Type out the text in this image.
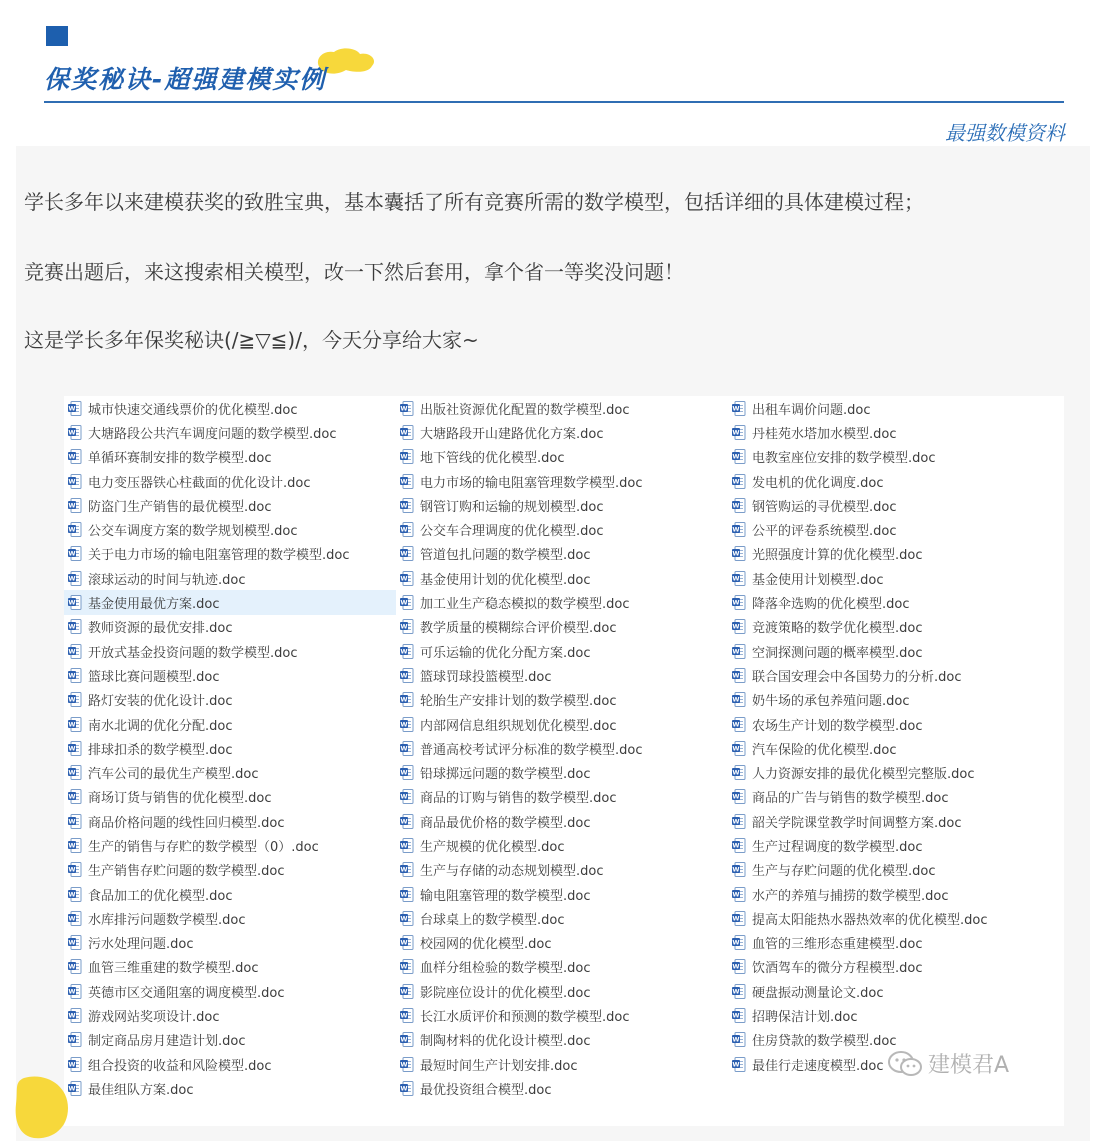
保奖秘诀-超强建模实例
最强数模资料
学长多年以来建模获奖的致胜宝典，基本囊括了所有竞赛所需的数学模型，包括详细的具体建模过程；
竞赛出题后，来这搜索相关模型，改一下然后套用，拿个省一等奖没问题！
这是学长多年保奖秘诀(/≧▽≦)/，今天分享给大家~
W 城市快速交通线票价的优化模型.doc
W 大塘路段公共汽车调度问题的数学模型.doc
W 单循环赛制安排的数学模型.doc
W 电力变压器铁心柱截面的优化设计.doc
W 防盗门生产销售的最优模型.doc
W 公交车调度方案的数学规划模型.doc
W 关于电力市场的输电阻塞管理的数学模型.doc
W 滚球运动的时间与轨迹.doc
W 基金使用最优方案.doc
W 教师资源的最优安排.doc
W 开放式基金投资问题的数学模型.doc
W 篮球比赛问题模型.doc
W 路灯安装的优化设计.doc
W 南水北调的优化分配.doc
W 排球扣杀的数学模型.doc
W 汽车公司的最优生产模型.doc
W 商场订货与销售的优化模型.doc
W 商品价格问题的线性回归模型.doc
W 生产的销售与存贮的数学模型（0）.doc
W 生产销售存贮问题的数学模型.doc
W 食品加工的优化模型.doc
W 水库排污问题数学模型.doc
W 污水处理问题.doc
W 血管三维重建的数学模型.doc
W 英德市区交通阻塞的调度模型.doc
W 游戏网站奖项设计.doc
W 制定商品房月建造计划.doc
W 组合投资的收益和风险模型.doc
W 最佳组队方案.doc
W 出版社资源优化配置的数学模型.doc
W 大塘路段开山建路优化方案.doc
W 地下管线的优化模型.doc
W 电力市场的输电阻塞管理数学模型.doc
W 钢管订购和运输的规划模型.doc
W 公交车合理调度的优化模型.doc
W 管道包扎问题的数学模型.doc
W 基金使用计划的优化模型.doc
W 加工业生产稳态模拟的数学模型.doc
W 教学质量的模糊综合评价模型.doc
W 可乐运输的优化分配方案.doc
W 篮球罚球投篮模型.doc
W 轮胎生产安排计划的数学模型.doc
W 内部网信息组织规划优化模型.doc
W 普通高校考试评分标准的数学模型.doc
W 铅球掷远问题的数学模型.doc
W 商品的订购与销售的数学模型.doc
W 商品最优价格的数学模型.doc
W 生产规模的优化模型.doc
W 生产与存储的动态规划模型.doc
W 输电阻塞管理的数学模型.doc
W 台球桌上的数学模型.doc
W 校园网的优化模型.doc
W 血样分组检验的数学模型.doc
W 影院座位设计的优化模型.doc
W 长江水质评价和预测的数学模型.doc
W 制陶材料的优化设计模型.doc
W 最短时间生产计划安排.doc
W 最优投资组合模型.doc
W 出租车调价问题.doc
W 丹桂苑水塔加水模型.doc
W 电教室座位安排的数学模型.doc
W 发电机的优化调度.doc
W 钢管购运的寻优模型.doc
W 公平的评卷系统模型.doc
W 光照强度计算的优化模型.doc
W 基金使用计划模型.doc
W 降落伞选购的优化模型.doc
W 竞渡策略的数学优化模型.doc
W 空洞探测问题的概率模型.doc
W 联合国安理会中各国势力的分析.doc
W 奶牛场的承包养殖问题.doc
W 农场生产计划的数学模型.doc
W 汽车保险的优化模型.doc
W 人力资源安排的最优化模型完整版.doc
W 商品的广告与销售的数学模型.doc
W 韶关学院课堂教学时间调整方案.doc
W 生产过程调度的数学模型.doc
W 生产与存贮问题的优化模型.doc
W 水产的养殖与捕捞的数学模型.doc
W 提高太阳能热水器热效率的优化模型.doc
W 血管的三维形态重建模型.doc
W 饮酒驾车的微分方程模型.doc
W 硬盘振动测量论文.doc
W 招聘保洁计划.doc
W 住房贷款的数学模型.doc
W 最佳行走速度模型.doc 建模君A
